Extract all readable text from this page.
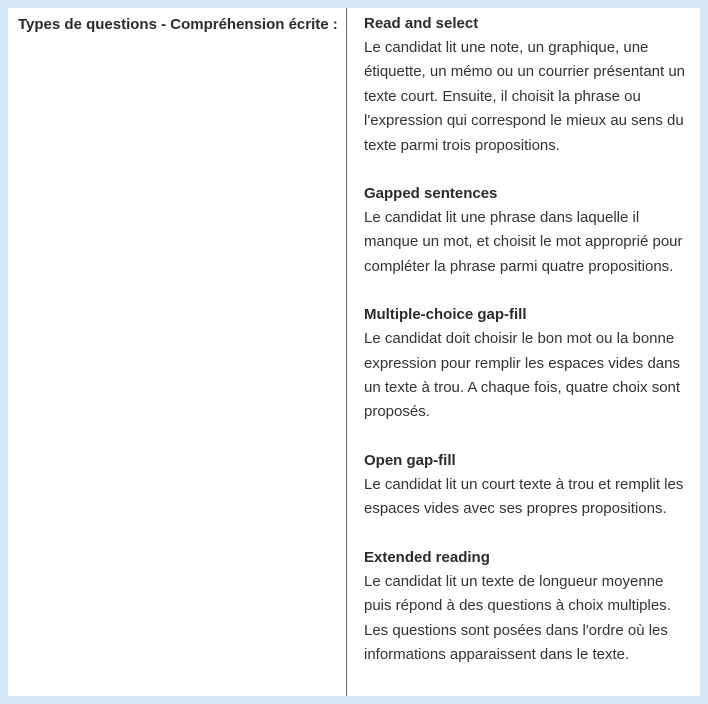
Types de questions - Compréhension écrite : Read and select
Le candidat lit une note, un graphique, une étiquette, un mémo ou un courrier présentant un texte court. Ensuite, il choisit la phrase ou l'expression qui correspond le mieux au sens du texte parmi trois propositions.
Gapped sentences
Le candidat lit une phrase dans laquelle il manque un mot, et choisit le mot approprié pour compléter la phrase parmi quatre propositions.
Multiple-choice gap-fill
Le candidat doit choisir le bon mot ou la bonne expression pour remplir les espaces vides dans un texte à trou. A chaque fois, quatre choix sont proposés.
Open gap-fill
Le candidat lit un court texte à trou et remplit les espaces vides avec ses propres propositions.
Extended reading
Le candidat lit un texte de longueur moyenne puis répond à des questions à choix multiples. Les questions sont posées dans l'ordre où les informations apparaissent dans le texte.
